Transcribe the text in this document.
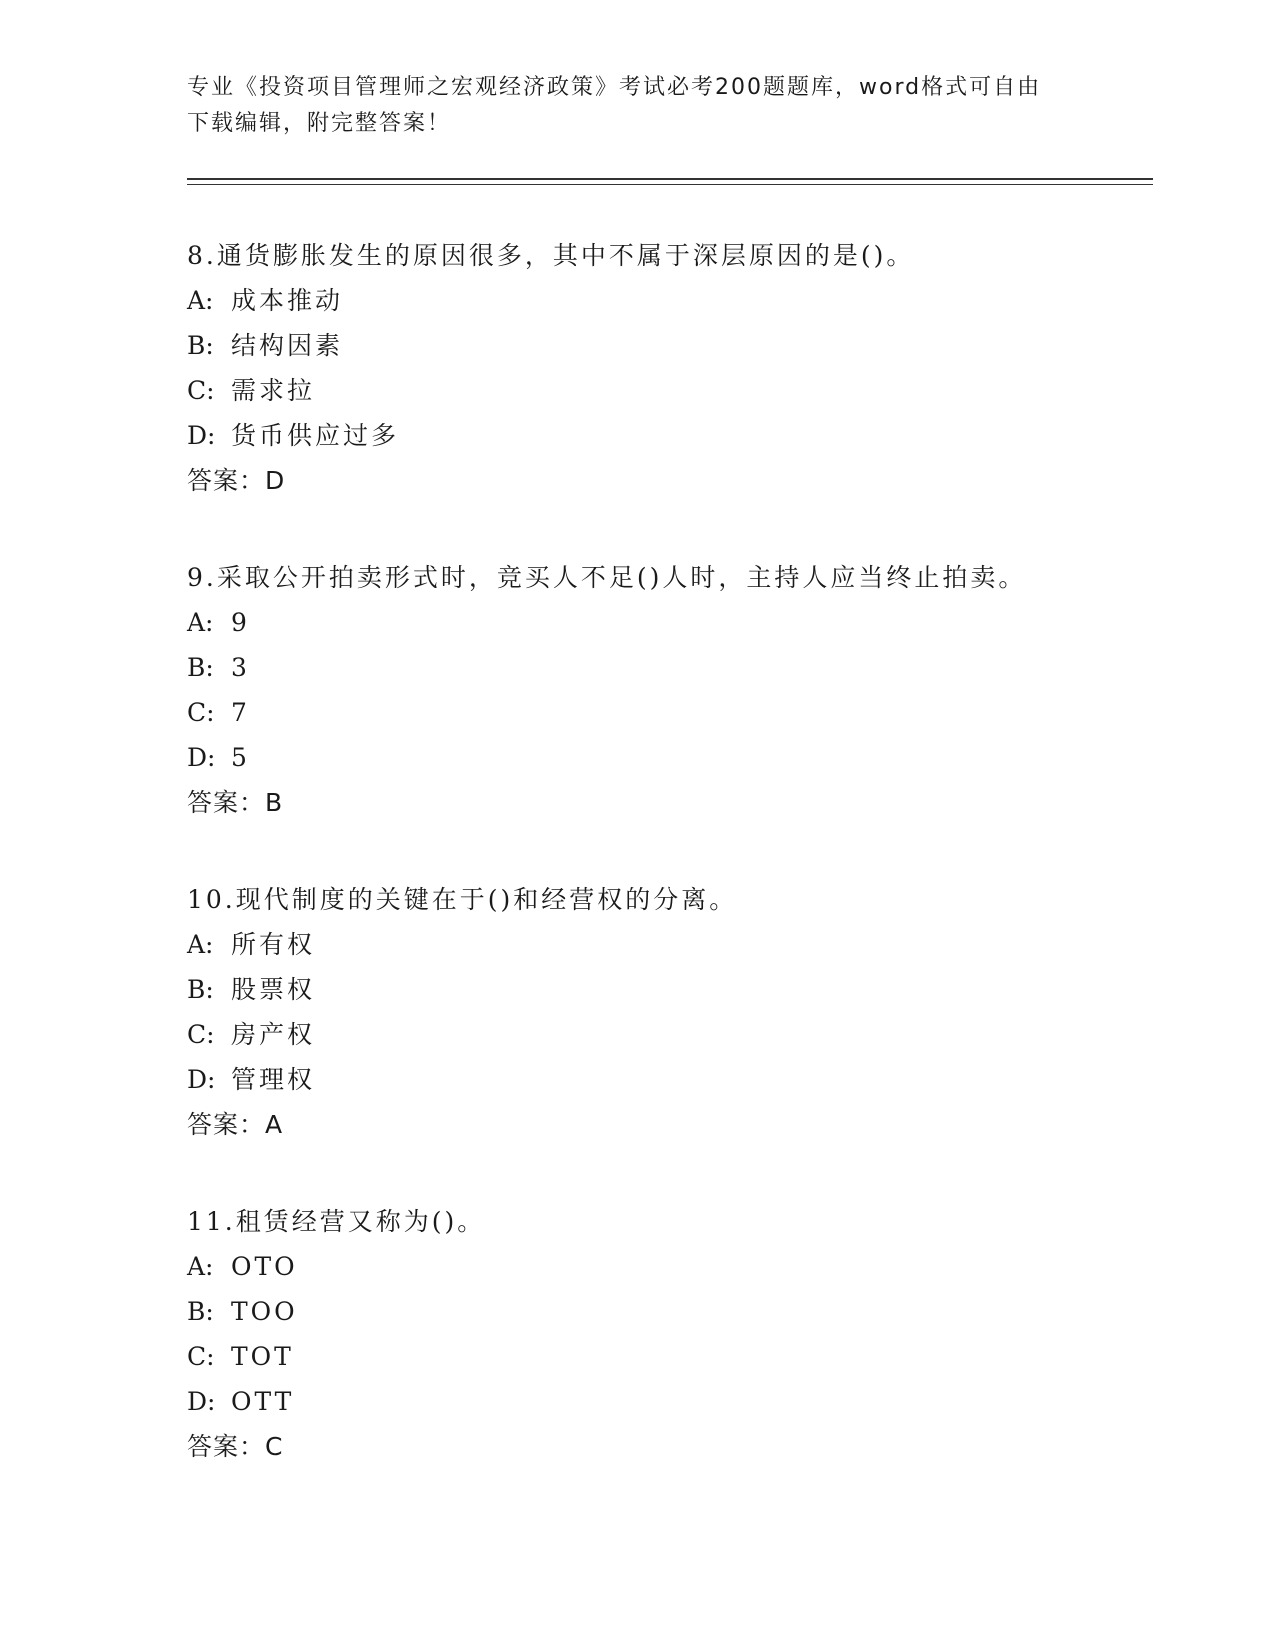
专业《投资项目管理师之宏观经济政策》考试必考200题题库，word格式可自由
下载编辑，附完整答案！
8.通货膨胀发生的原因很多，其中不属于深层原因的是()。
A: 成本推动
B: 结构因素
C: 需求拉
D: 货币供应过多
答案：D
9.采取公开拍卖形式时，竞买人不足()人时，主持人应当终止拍卖。
A: 9
B: 3
C: 7
D: 5
答案：B
10.现代制度的关键在于()和经营权的分离。
A: 所有权
B: 股票权
C: 房产权
D: 管理权
答案：A
11.租赁经营又称为()。
A: OTO
B: TOO
C: TOT
D: OTT
答案：C
